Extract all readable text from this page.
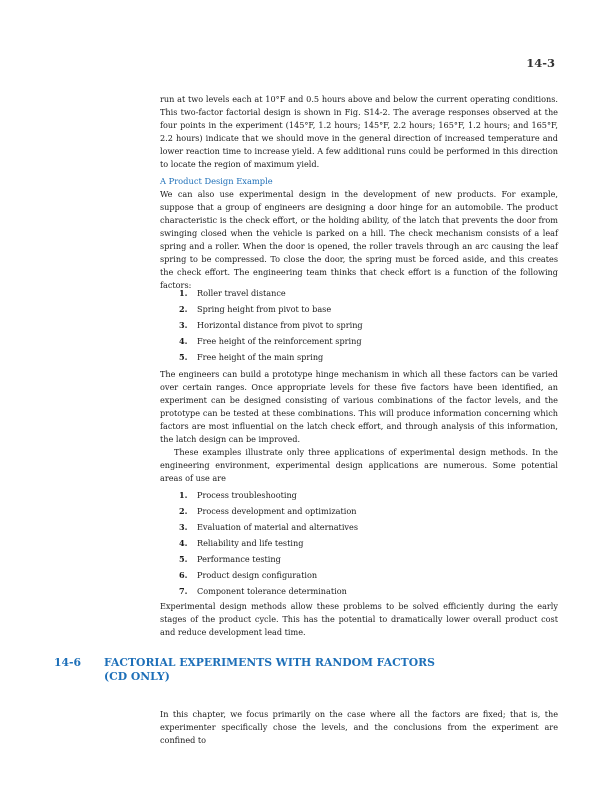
14-3

run at two levels each at 10°F and 0.5 hours above and below the current operating conditions. This two-factor factorial design is shown in Fig. S14-2. The average responses observed at the four points in the experiment (145°F, 1.2 hours; 145°F, 2.2 hours; 165°F, 1.2 hours; and 165°F, 2.2 hours) indicate that we should move in the general direction of increased temperature and lower reaction time to increase yield. A few additional runs could be performed in this direction to locate the region of maximum yield.

A Product Design Example

We can also use experimental design in the development of new products. For example, suppose that a group of engineers are designing a door hinge for an automobile. The product characteristic is the check effort, or the holding ability, of the latch that prevents the door from swinging closed when the vehicle is parked on a hill. The check mechanism consists of a leaf spring and a roller. When the door is opened, the roller travels through an arc causing the leaf spring to be compressed. To close the door, the spring must be forced aside, and this creates the check effort. The engineering team thinks that check effort is a function of the following factors:

1.	Roller travel distance
2.	Spring height from pivot to base
3.	Horizontal distance from pivot to spring
4.	Free height of the reinforcement spring
5.	Free height of the main spring

The engineers can build a prototype hinge mechanism in which all these factors can be varied over certain ranges. Once appropriate levels for these five factors have been identified, an experiment can be designed consisting of various combinations of the factor levels, and the prototype can be tested at these combinations. This will produce information concerning which factors are most influential on the latch check effort, and through analysis of this information, the latch design can be improved.

These examples illustrate only three applications of experimental design methods. In the engineering environment, experimental design applications are numerous. Some potential areas of use are

1.	Process troubleshooting
2.	Process development and optimization
3.	Evaluation of material and alternatives
4.	Reliability and life testing
5.	Performance testing
6.	Product design configuration
7.	Component tolerance determination

Experimental design methods allow these problems to be solved efficiently during the early stages of the product cycle. This has the potential to dramatically lower overall product cost and reduce development lead time.

14-6	FACTORIAL EXPERIMENTS WITH RANDOM FACTORS
(CD ONLY)

In this chapter, we focus primarily on the case where all the factors are fixed; that is, the experimenter specifically chose the levels, and the conclusions from the experiment are confined to
